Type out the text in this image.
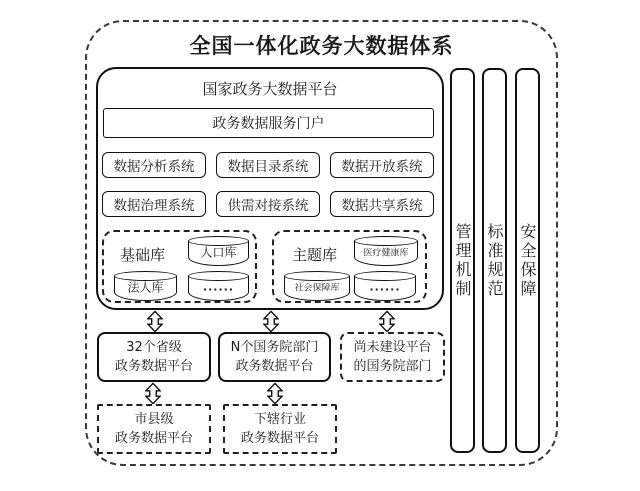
全国一体化政务大数据体系
国家政务大数据平台
政务数据服务门户
数据分析系统 数据目录系统 数据开放系统
数据治理系统 供需对接系统 数据共享系统
基础库	人口库
法人库	......
主题库	医疗健康库
社会保障库	......
32个省级
政务数据平台
N个国务院部门
政务数据平台
尚未建设平台
的国务院部门
市县级
政务数据平台
下辖行业
政务数据平台
管理机制 标准规范 安全保障
